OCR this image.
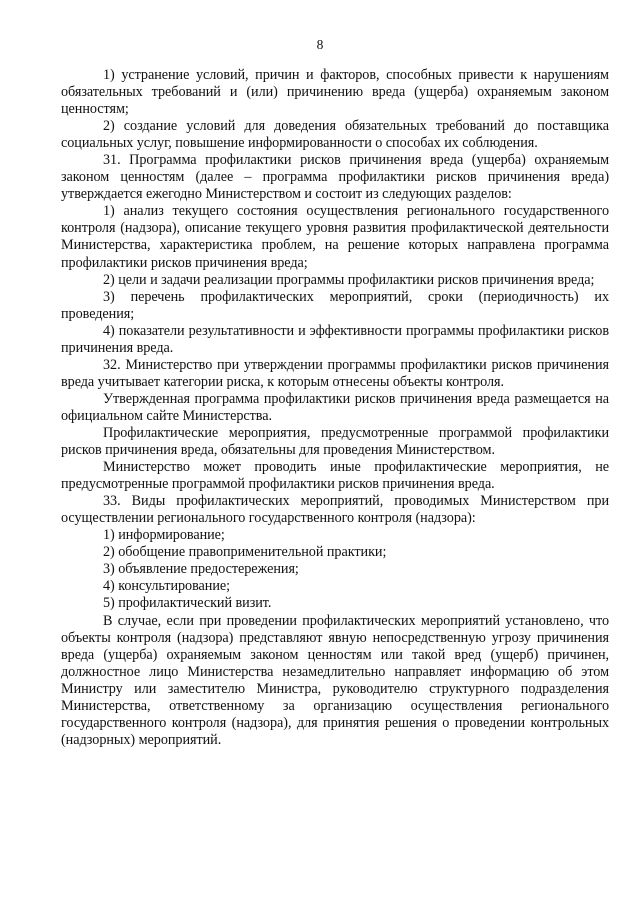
8

1) устранение условий, причин и факторов, способных привести к нарушениям обязательных требований и (или) причинению вреда (ущерба) охраняемым законом ценностям;

2) создание условий для доведения обязательных требований до поставщика социальных услуг, повышение информированности о способах их соблюдения.

31. Программа профилактики рисков причинения вреда (ущерба) охраняемым законом ценностям (далее – программа профилактики рисков причинения вреда) утверждается ежегодно Министерством и состоит из следующих разделов:

1) анализ текущего состояния осуществления регионального государственного контроля (надзора), описание текущего уровня развития профилактической деятельности Министерства, характеристика проблем, на решение которых направлена программа профилактики рисков причинения вреда;

2) цели и задачи реализации программы профилактики рисков причинения вреда;

3) перечень профилактических мероприятий, сроки (периодичность) их проведения;

4) показатели результативности и эффективности программы профилактики рисков причинения вреда.

32. Министерство при утверждении программы профилактики рисков причинения вреда учитывает категории риска, к которым отнесены объекты контроля.

Утвержденная программа профилактики рисков причинения вреда размещается на официальном сайте Министерства.

Профилактические мероприятия, предусмотренные программой профилактики рисков причинения вреда, обязательны для проведения Министерством.

Министерство может проводить иные профилактические мероприятия, не предусмотренные программой профилактики рисков причинения вреда.

33. Виды профилактических мероприятий, проводимых Министерством при осуществлении регионального государственного контроля (надзора):

1) информирование;

2) обобщение правоприменительной практики;

3) объявление предостережения;

4) консультирование;

5) профилактический визит.

В случае, если при проведении профилактических мероприятий установлено, что объекты контроля (надзора) представляют явную непосредственную угрозу причинения вреда (ущерба) охраняемым законом ценностям или такой вред (ущерб) причинен, должностное лицо Министерства незамедлительно направляет информацию об этом Министру или заместителю Министра, руководителю структурного подразделения Министерства, ответственному за организацию осуществления регионального государственного контроля (надзора), для принятия решения о проведении контрольных (надзорных) мероприятий.
